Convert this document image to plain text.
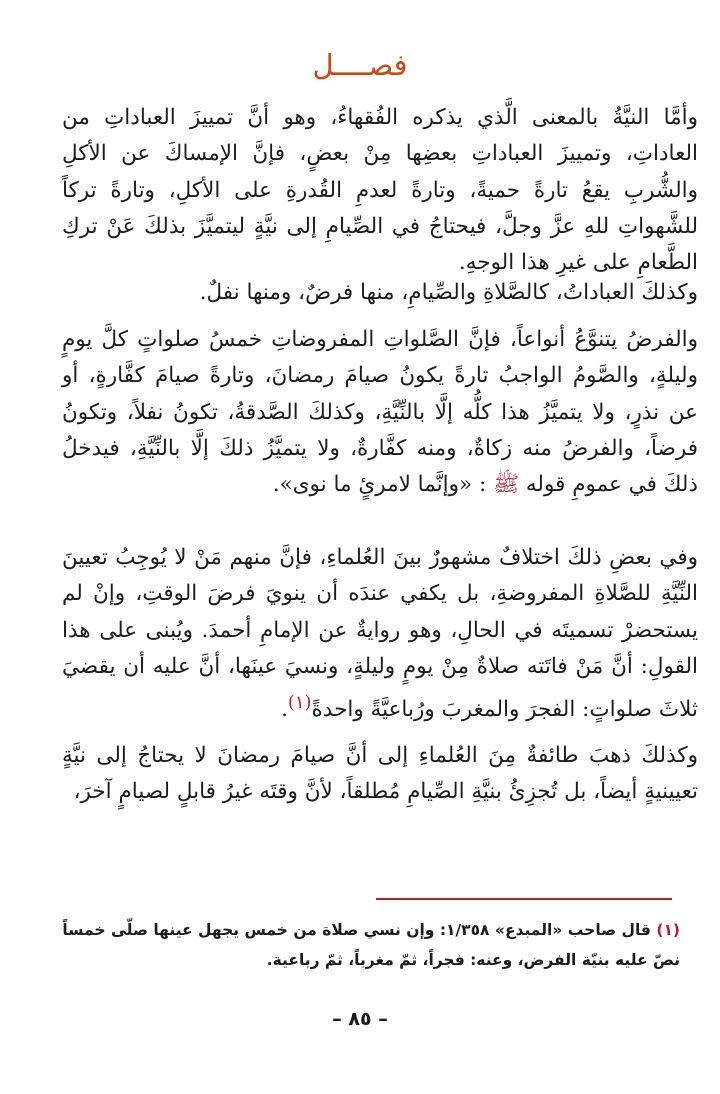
فصــــل

وأمَّا النيَّةُ بالمعنى الَّذي يذكره الفُقهاءُ، وهو أنَّ تمييزَ العباداتِ من العاداتِ، وتمييزَ العباداتِ بعضِها مِنْ بعضٍ، فإنَّ الإمساكَ عن الأكلِ والشُّربِ يقعُ تارةً حميةً، وتارةً لعدمِ القُدرةِ على الأكلِ، وتارةً تركاً للشَّهواتِ للهِ عزَّ وجلَّ، فيحتاجُ في الصِّيامِ إلى نيَّةٍ ليتميَّزَ بذلكَ عَنْ تركِ الطَّعامِ على غيرِ هذا الوجهِ.

وكذلكَ العباداتُ، كالصَّلاةِ والصِّيامِ، منها فرضٌ، ومنها نفلٌ.

والفرضُ يتنوَّعُ أنواعاً، فإنَّ الصَّلواتِ المفروضاتِ خمسُ صلواتٍ كلَّ يومٍ وليلةٍ، والصَّومُ الواجبُ تارةً يكونُ صيامَ رمضانَ، وتارةً صيامَ كفَّارةٍ، أو عن نذرٍ، ولا يتميَّزُ هذا كلُّه إلَّا بالنِّيَّةِ، وكذلكَ الصَّدقةُ، تكونُ نفلاً، وتكونُ فرضاً، والفرضُ منه زكاةٌ، ومنه كفَّارةٌ، ولا يتميَّزُ ذلكَ إلَّا بالنِّيَّةِ، فيدخلُ ذلكَ في عمومِ قوله ﷺ : «وإنَّما لامرئٍ ما نوى».

وفي بعضِ ذلكَ اختلافٌ مشهورٌ بينَ العُلماءِ، فإنَّ منهم مَنْ لا يُوجِبُ تعيينَ النِّيَّةِ للصَّلاةِ المفروضةِ، بل يكفي عندَه أن ينويَ فرضَ الوقتِ، وإنْ لم يستحضرْ تسميتَه في الحالِ، وهو روايةٌ عن الإمامِ أحمدَ. ويُبنى على هذا القولِ: أنَّ مَنْ فاتَته صلاةٌ مِنْ يومٍ وليلةٍ، ونسيَ عينَها، أنَّ عليه أن يقضيَ ثلاثَ صلواتٍ: الفجرَ والمغربَ ورُباعيَّةً واحدةً$^{(١)}$.

وكذلكَ ذهبَ طائفةٌ مِنَ العُلماءِ إلى أنَّ صيامَ رمضانَ لا يحتاجُ إلى نيَّةٍ تعيينيةٍ أيضاً، بل تُجزِئُ بنيَّةِ الصِّيامِ مُطلقاً، لأنَّ وقتَه غيرُ قابلٍ لصيامٍ آخرَ،

(١) قال صاحب «المبدع» ١/٣٥٨: وإن نسي صلاة من خمس يجهل عينها صلّى خمساً نصّ عليه بنيّة الفرض، وعنه: فجراً، ثمّ مغرباً، ثمّ رباعية.

– ٨٥ –
